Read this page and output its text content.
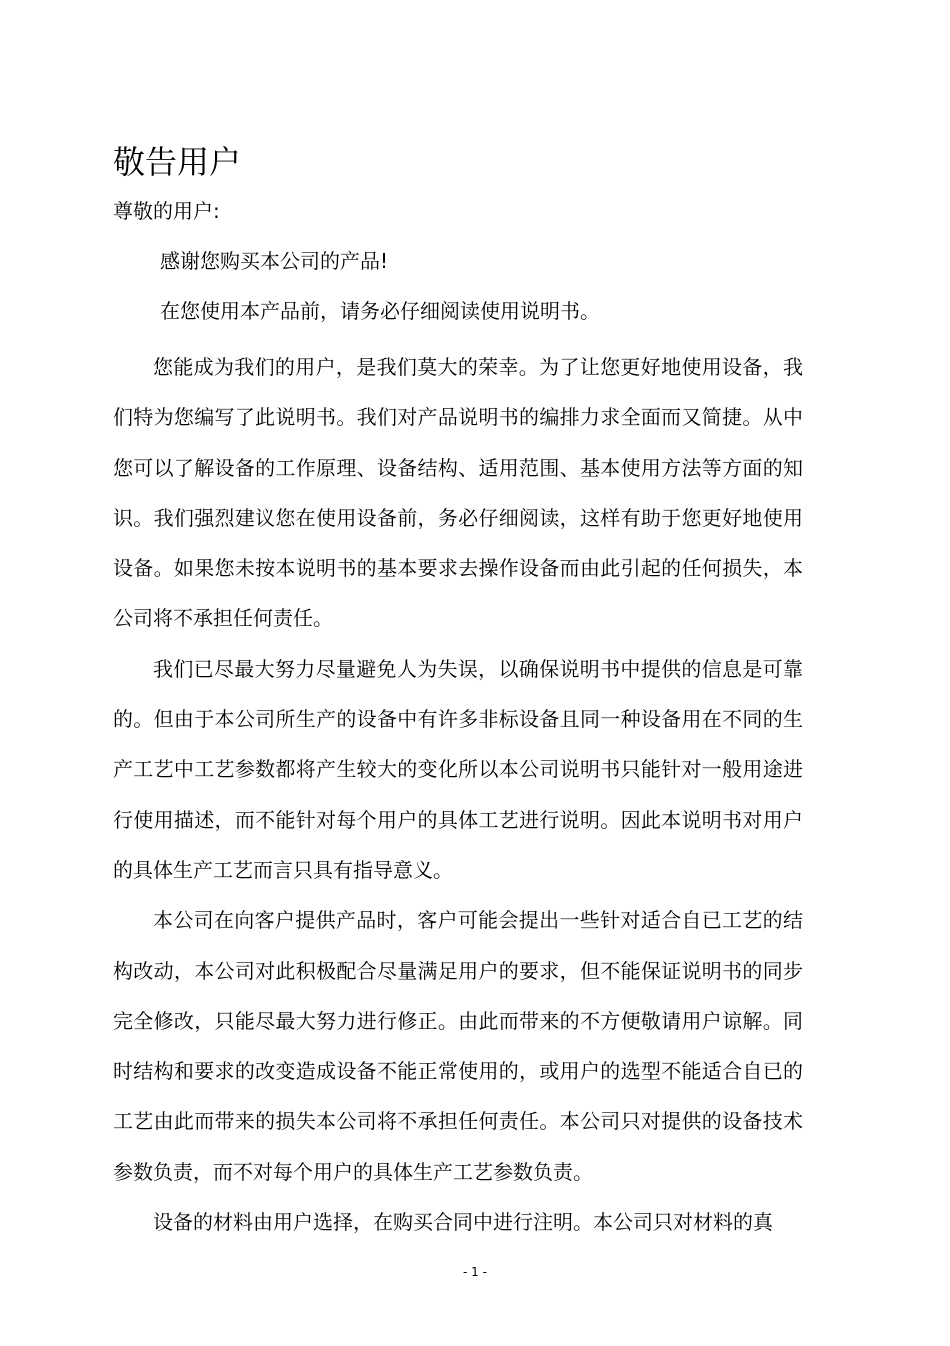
敬告用户
尊敬的用户:
感谢您购买本公司的产品!
在您使用本产品前，请务必仔细阅读使用说明书。

您能成为我们的用户，是我们莫大的荣幸。为了让您更好地使用设备，我们特为您编写了此说明书。我们对产品说明书的编排力求全面而又简捷。从中您可以了解设备的工作原理、设备结构、适用范围、基本使用方法等方面的知识。我们强烈建议您在使用设备前，务必仔细阅读，这样有助于您更好地使用设备。如果您未按本说明书的基本要求去操作设备而由此引起的任何损失，本公司将不承担任何责任。

我们已尽最大努力尽量避免人为失误，以确保说明书中提供的信息是可靠的。但由于本公司所生产的设备中有许多非标设备且同一种设备用在不同的生产工艺中工艺参数都将产生较大的变化所以本公司说明书只能针对一般用途进行使用描述，而不能针对每个用户的具体工艺进行说明。因此本说明书对用户的具体生产工艺而言只具有指导意义。

本公司在向客户提供产品时，客户可能会提出一些针对适合自已工艺的结构改动，本公司对此积极配合尽量满足用户的要求，但不能保证说明书的同步完全修改，只能尽最大努力进行修正。由此而带来的不方便敬请用户谅解。同时结构和要求的改变造成设备不能正常使用的，或用户的选型不能适合自已的工艺由此而带来的损失本公司将不承担任何责任。本公司只对提供的设备技术参数负责，而不对每个用户的具体生产工艺参数负责。

设备的材料由用户选择，在购买合同中进行注明。本公司只对材料的真

- 1 -
